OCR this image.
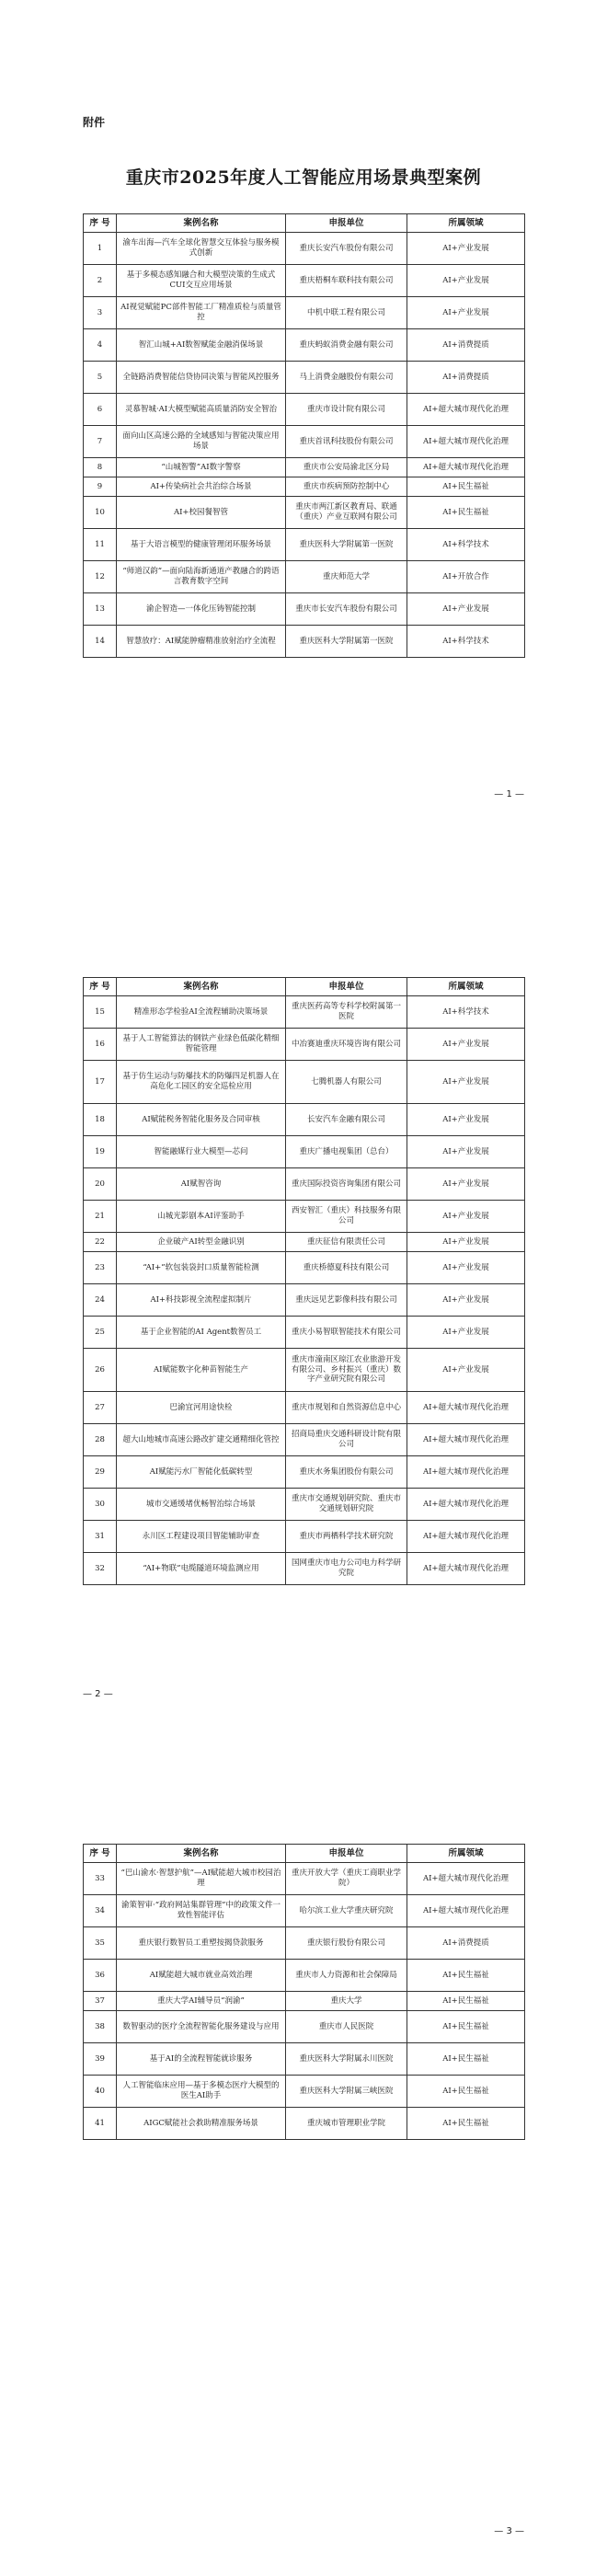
附件
重庆市2025年度人工智能应用场景典型案例
序 号	案例名称	申报单位	所属领域
1	渝车出海—汽车全球化智慧交互体验与服务模式创新	重庆长安汽车股份有限公司	AI+产业发展
2	基于多模态感知融合和大模型决策的生成式CUI交互应用场景	重庆梧桐车联科技有限公司	AI+产业发展
3	AI视觉赋能PC部件智能工厂精准质检与质量管控	中机中联工程有限公司	AI+产业发展
4	智汇山城+AI数智赋能金融消保场景	重庆蚂蚁消费金融有限公司	AI+消费提质
5	全链路消费智能信贷协同决策与智能风控服务	马上消费金融股份有限公司	AI+消费提质
6	灵慕智城·AI大模型赋能高质量消防安全智治	重庆市设计院有限公司	AI+超大城市现代化治理
7	面向山区高速公路的全域感知与智能决策应用场景	重庆首讯科技股份有限公司	AI+超大城市现代化治理
8	“山城智警”AI数字警察	重庆市公安局渝北区分局	AI+超大城市现代化治理
9	AI+传染病社会共治综合场景	重庆市疾病预防控制中心	AI+民生福祉
10	AI+校园餐智管	重庆市两江新区教育局、联通（重庆）产业互联网有限公司	AI+民生福祉
11	基于大语言模型的健康管理闭环服务场景	重庆医科大学附属第一医院	AI+科学技术
12	“师道汉韵”—面向陆海新通道产教融合的跨语言教育数字空间	重庆师范大学	AI+开放合作
13	渝企智造—一体化压铸智能控制	重庆市长安汽车股份有限公司	AI+产业发展
14	智慧放疗：AI赋能肿瘤精准放射治疗全流程	重庆医科大学附属第一医院	AI+科学技术
— 1 —
序 号	案例名称	申报单位	所属领域
15	精准形态学检验AI全流程辅助决策场景	重庆医药高等专科学校附属第一医院	AI+科学技术
16	基于人工智能算法的钢铁产业绿色低碳化精细智能管理	中冶赛迪重庆环境咨询有限公司	AI+产业发展
17	基于仿生运动与防爆技术的防爆四足机器人在高危化工园区的安全巡检应用	七腾机器人有限公司	AI+产业发展
18	AI赋能税务智能化服务及合同审核	长安汽车金融有限公司	AI+产业发展
19	智能融媒行业大模型—芯问	重庆广播电视集团（总台）	AI+产业发展
20	AI赋智咨询	重庆国际投资咨询集团有限公司	AI+产业发展
21	山城光影剧本AI评鉴助手	西安智汇（重庆）科技服务有限公司	AI+产业发展
22	企业破产AI转型金融识别	重庆征信有限责任公司	AI+产业发展
23	“AI+”软包装袋封口质量智能检测	重庆桥德夏科技有限公司	AI+产业发展
24	AI+科技影视全流程虚拟制片	重庆远见艺影像科技有限公司	AI+产业发展
25	基于企业智能的AI Agent数智员工	重庆小易智联智能技术有限公司	AI+产业发展
26	AI赋能数字化种苗智能生产	重庆市潼南区琼江农业旅游开发有限公司、乡村振兴（重庆）数字产业研究院有限公司	AI+产业发展
27	巴渝宜河用途快检	重庆市规划和自然资源信息中心	AI+超大城市现代化治理
28	超大山地城市高速公路改扩建交通精细化管控	招商局重庆交通科研设计院有限公司	AI+超大城市现代化治理
29	AI赋能污水厂智能化低碳转型	重庆水务集团股份有限公司	AI+超大城市现代化治理
30	城市交通缓堵优畅智治综合场景	重庆市交通规划研究院、重庆市交通规划研究院	AI+超大城市现代化治理
31	永川区工程建设项目智能辅助审查	重庆市两栖科学技术研究院	AI+超大城市现代化治理
32	“AI+物联”电缆隧道环境监测应用	国网重庆市电力公司电力科学研究院	AI+超大城市现代化治理
— 2 —
序 号	案例名称	申报单位	所属领域
33	“巴山渝水·智慧护航”—AI赋能超大城市校园治理	重庆开放大学（重庆工商职业学院）	AI+超大城市现代化治理
34	渝策智审·“政府网站集群管理”中的政策文件一致性智能评估	哈尔滨工业大学重庆研究院	AI+超大城市现代化治理
35	重庆银行数智员工重塑按揭贷款服务	重庆银行股份有限公司	AI+消费提质
36	AI赋能超大城市就业高效治理	重庆市人力资源和社会保障局	AI+民生福祉
37	重庆大学AI辅导员“润渝”	重庆大学	AI+民生福祉
38	数智驱动的医疗全流程智能化服务建设与应用	重庆市人民医院	AI+民生福祉
39	基于AI的全流程智能就诊服务	重庆医科大学附属永川医院	AI+民生福祉
40	人工智能临床应用—基于多模态医疗大模型的医生AI助手	重庆医科大学附属三峡医院	AI+民生福祉
41	AIGC赋能社会救助精准服务场景	重庆城市管理职业学院	AI+民生福祉
— 3 —
